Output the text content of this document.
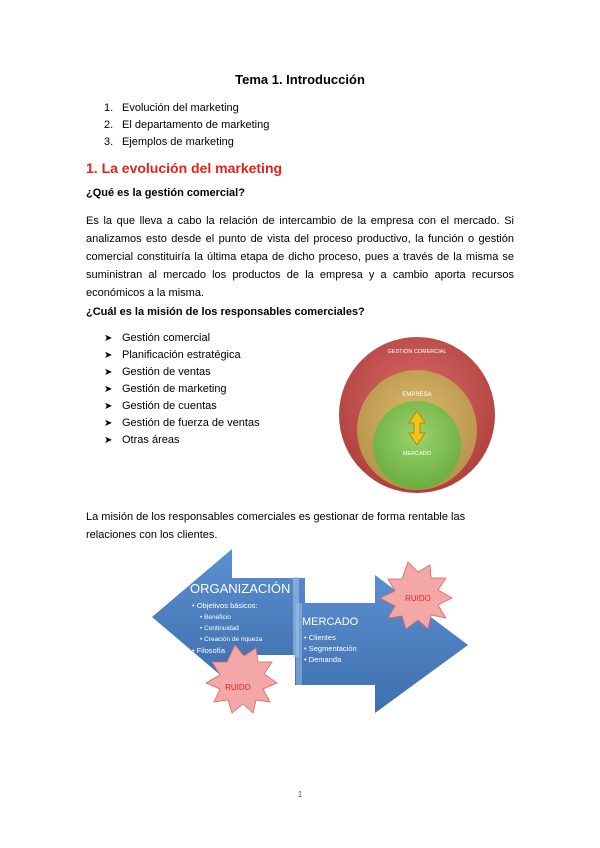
Tema 1. Introducción
1. Evolución del marketing
2. El departamento de marketing
3. Ejemplos de marketing
1. La evolución del marketing
¿Qué es la gestión comercial?
Es la que lleva a cabo la relación de intercambio de la empresa con el mercado. Si analizamos esto desde el punto de vista del proceso productivo, la función o gestión comercial constituiría la última etapa de dicho proceso, pues a través de la misma se suministran al mercado los productos de la empresa y a cambio aporta recursos económicos a la misma.
¿Cuál es la misión de los responsables comerciales?
➤ Gestión comercial
➤ Planificación estratégica
➤ Gestión de ventas
➤ Gestión de marketing
➤ Gestión de cuentas
➤ Gestión de fuerza de ventas
➤ Otras áreas
GESTIÓN COMERCIAL
EMPRESA
MERCADO
La misión de los responsables comerciales es gestionar de forma rentable las relaciones con los clientes.
ORGANIZACIÓN
• Objetivos básicos:
• Beneficio
• Continuidad
• Creación de riqueza
• Filosofía
MERCADO
• Clientes
• Segmentación
• Demanda
RUIDO
RUIDO
1
